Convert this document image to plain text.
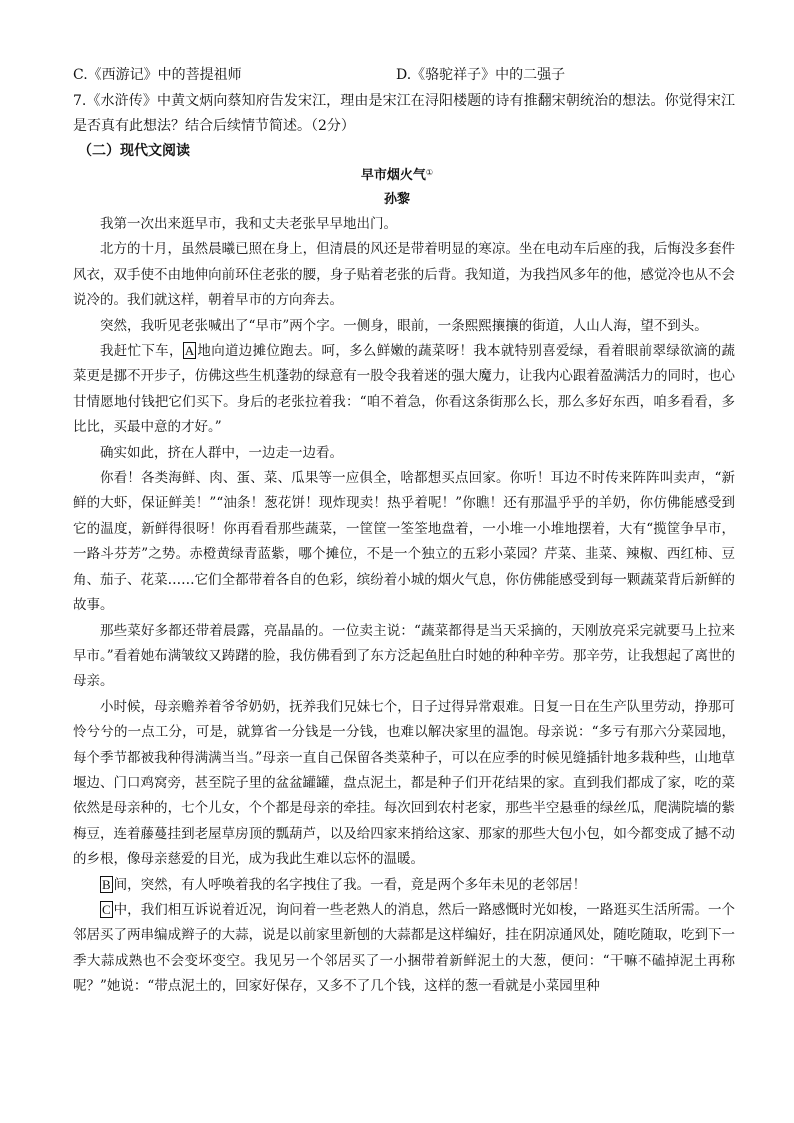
C.《西游记》中的菩提祖师	D.《骆驼祥子》中的二强子
7.《水浒传》中黄文炳向蔡知府告发宋江，理由是宋江在浔阳楼题的诗有推翻宋朝统治的想法。你觉得宋江是否真有此想法？结合后续情节简述。（2分）
（二）现代文阅读
早市烟火气①
孙黎

我第一次出来逛早市，我和丈夫老张早早地出门。

北方的十月，虽然晨曦已照在身上，但清晨的风还是带着明显的寒凉。坐在电动车后座的我，后悔没多套件风衣，双手使不由地伸向前环住老张的腰，身子贴着老张的后背。我知道，为我挡风多年的他，感觉冷也从不会说冷的。我们就这样，朝着早市的方向奔去。

突然，我听见老张喊出了“早市”两个字。一侧身，眼前，一条熙熙攘攘的街道，人山人海，望不到头。

我赶忙下车， A 地向道边摊位跑去。呵，多么鲜嫩的蔬菜呀！我本就特别喜爱绿，看着眼前翠绿欲滴的蔬菜更是挪不开步子，仿佛这些生机蓬勃的绿意有一股令我着迷的强大魔力，让我内心跟着盈满活力的同时，也心甘情愿地付钱把它们买下。身后的老张拉着我：“咱不着急，你看这条街那么长，那么多好东西，咱多看看，多比比，买最中意的才好。”

确实如此，挤在人群中，一边走一边看。

你看！各类海鲜、肉、蛋、菜、瓜果等一应俱全，啥都想买点回家。你听！耳边不时传来阵阵叫卖声，“新鲜的大虾，保证鲜美！”“油条！葱花饼！现炸现卖！热乎着呢！”你瞧！还有那温乎乎的羊奶，你仿佛能感受到它的温度，新鲜得很呀！你再看看那些蔬菜，一筐筐一筌筌地盘着，一小堆一小堆地摆着，大有“揽筐争早市，一路斗芬芳”之势。赤橙黄绿青蓝紫，哪个摊位，不是一个独立的五彩小菜园？芹菜、韭菜、辣椒、西红柿、豆角、茄子、花菜……它们全都带着各自的色彩，缤纷着小城的烟火气息，你仿佛能感受到每一颗蔬菜背后新鲜的故事。

那些菜好多都还带着晨露，亮晶晶的。一位卖主说：“蔬菜都得是当天采摘的，天刚放亮采完就要马上拉来早市。”看着她布满皱纹又踌躇的脸，我仿佛看到了东方泛起鱼肚白时她的种种辛劳。那辛劳，让我想起了离世的母亲。

小时候，母亲赡养着爷爷奶奶，抚养我们兄妹七个，日子过得异常艰难。日复一日在生产队里劳动，挣那可怜兮兮的一点工分，可是，就算省一分钱是一分钱，也难以解决家里的温饱。母亲说：“多亏有那六分菜园地，每个季节都被我种得满满当当。”母亲一直自己保留各类菜种子，可以在应季的时候见缝插针地多栽种些，山地草堰边、门口鸡窝旁，甚至院子里的盆盆罐罐，盘点泥土，都是种子们开花结果的家。直到我们都成了家，吃的菜依然是母亲种的，七个儿女，个个都是母亲的牵挂。每次回到农村老家，那些半空悬垂的绿丝瓜，爬满院墙的紫梅豆，连着藤蔓挂到老屋草房顶的瓢葫芦，以及给四家来捎给这家、那家的那些大包小包，如今都变成了撼不动的乡根，像母亲慈爱的目光，成为我此生难以忘怀的温暖。

B 间，突然，有人呼唤着我的名字拽住了我。一看，竟是两个多年未见的老邻居！

C 中，我们相互诉说着近况，询问着一些老熟人的消息，然后一路感慨时光如梭，一路逛买生活所需。一个邻居买了两串编成辫子的大蒜，说是以前家里新刨的大蒜都是这样编好，挂在阴凉通风处，随吃随取，吃到下一季大蒜成熟也不会变坏变空。我见另一个邻居买了一小捆带着新鲜泥土的大葱，便问：“干嘛不磕掉泥土再称呢？”她说：“带点泥土的，回家好保存，又多不了几个钱，这样的葱一看就是小菜园里种
